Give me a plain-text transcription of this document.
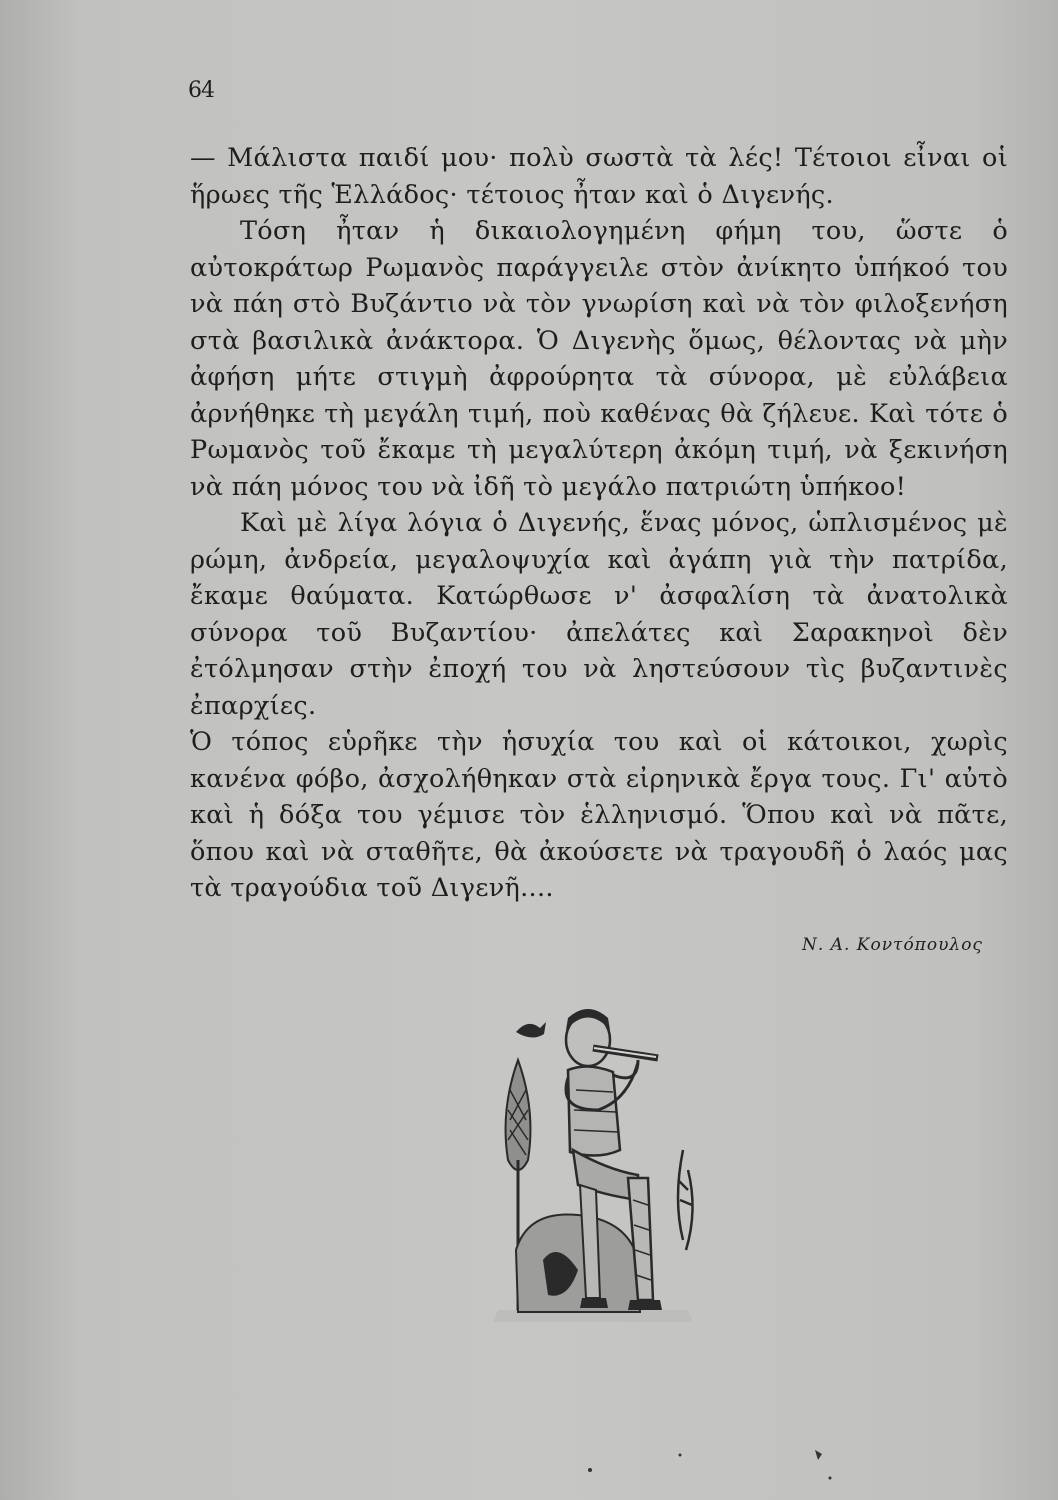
64

— Μάλιστα παιδί μου· πολὺ σωστὰ τὰ λές! Τέτοιοι εἶναι οἱ ἥρωες τῆς Ἑλλάδος· τέτοιος ἦταν καὶ ὁ Διγενής.

Τόση ἦταν ἡ δικαιολογημένη φήμη του, ὥστε ὁ αὐτοκράτωρ Ρωμανὸς παράγγειλε στὸν ἀνίκητο ὑπήκοό του νὰ πάη στὸ Βυζάντιο νὰ τὸν γνωρίση καὶ νὰ τὸν φιλοξενήση στὰ βασιλικὰ ἀνάκτορα. Ὁ Διγενὴς ὅμως, θέλοντας νὰ μὴν ἀφήση μήτε στιγμὴ ἀφρούρητα τὰ σύνορα, μὲ εὐλάβεια ἀρνήθηκε τὴ μεγάλη τιμή, ποὺ καθένας θὰ ζήλευε. Καὶ τότε ὁ Ρωμανὸς τοῦ ἔκαμε τὴ μεγαλύτερη ἀκόμη τιμή, νὰ ξεκινήση νὰ πάη μόνος του νὰ ἰδῆ τὸ μεγάλο πατριώτη ὑπήκοο!

Καὶ μὲ λίγα λόγια ὁ Διγενής, ἕνας μόνος, ὡπλισμένος μὲ ρώμη, ἀνδρεία, μεγαλοψυχία καὶ ἀγάπη γιὰ τὴν πατρίδα, ἔκαμε θαύματα. Κατώρθωσε ν' ἀσφαλίση τὰ ἀνατολικὰ σύνορα τοῦ Βυζαντίου· ἀπελάτες καὶ Σαρακηνοὶ δὲν ἐτόλμησαν στὴν ἐποχή του νὰ ληστεύσουν τὶς βυζαντινὲς ἐπαρχίες.

Ὁ τόπος εὑρῆκε τὴν ἡσυχία του καὶ οἱ κάτοικοι, χωρὶς κανένα φόβο, ἀσχολήθηκαν στὰ εἰρηνικὰ ἔργα τους. Γι' αὐτὸ καὶ ἡ δόξα του γέμισε τὸν ἑλληνισμό. Ὅπου καὶ νὰ πᾶτε, ὅπου καὶ νὰ σταθῆτε, θὰ ἀκούσετε νὰ τραγουδῆ ὁ λαός μας τὰ τραγούδια τοῦ Διγενῆ....

Ν. Α. Κοντόπουλος
